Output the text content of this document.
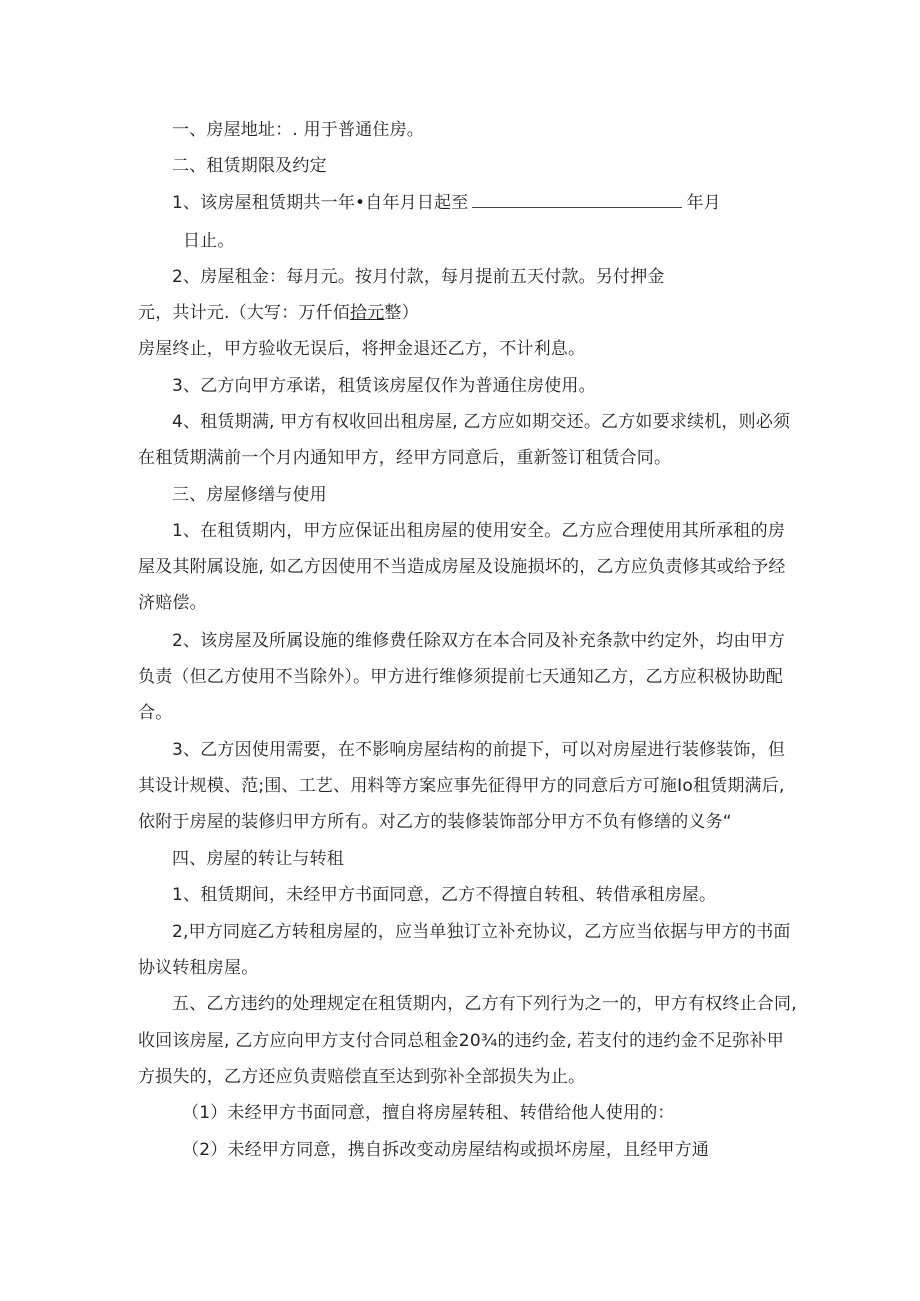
一、房屋地址：. 用于普通住房。
二、租赁期限及约定
1、该房屋租赁期共一年•自年月日起至	年月
日止。
2、房屋租金：每月元。按月付款，每月提前五天付款。另付押金
元，共计元.（大写：万仟佰拾元整）
房屋终止，甲方验收无误后，将押金退还乙方，不计利息。
3、乙方向甲方承诺，租赁该房屋仅作为普通住房使用。
4、租赁期满, 甲方有权收回出租房屋, 乙方应如期交还。乙方如要求续机，则必须
在租赁期满前一个月内通知甲方，经甲方同意后，重新签订租赁合同。
三、房屋修缮与使用
1、在租赁期内，甲方应保证出租房屋的使用安全。乙方应合理使用其所承租的房
屋及其附属设施, 如乙方因使用不当造成房屋及设施损坏的，乙方应负责修其或给予经
济赔偿。
2、该房屋及所属设施的维修费任除双方在本合同及补充条款中约定外，均由甲方
负责（但乙方使用不当除外）。甲方进行维修须提前七天通知乙方，乙方应积极协助配
合。
3、乙方因使用需要，在不影响房屋结构的前提下，可以对房屋进行装修装饰，但
其设计规模、范;围、工艺、用料等方案应事先征得甲方的同意后方可施Io租赁期满后,
依附于房屋的装修归甲方所有。对乙方的装修装饰部分甲方不负有修缮的义务“
四、房屋的转让与转租
1、租赁期间，未经甲方书面同意，乙方不得擅自转租、转借承租房屋。
2,甲方同庭乙方转租房屋的，应当单独订立补充协议，乙方应当依据与甲方的书面
协议转租房屋。
五、乙方违约的处理规定在租赁期内，乙方有下列行为之一的，甲方有权终止合同,
收回该房屋, 乙方应向甲方支付合同总租金20¾的违约金, 若支付的违约金不足弥补甲
方损失的，乙方还应负责赔偿直至达到弥补全部损失为止。
（1）未经甲方书面同意，擅自将房屋转租、转借给他人使用的：
（2）未经甲方同意，携自拆改变动房屋结构或损坏房屋，且经甲方通
